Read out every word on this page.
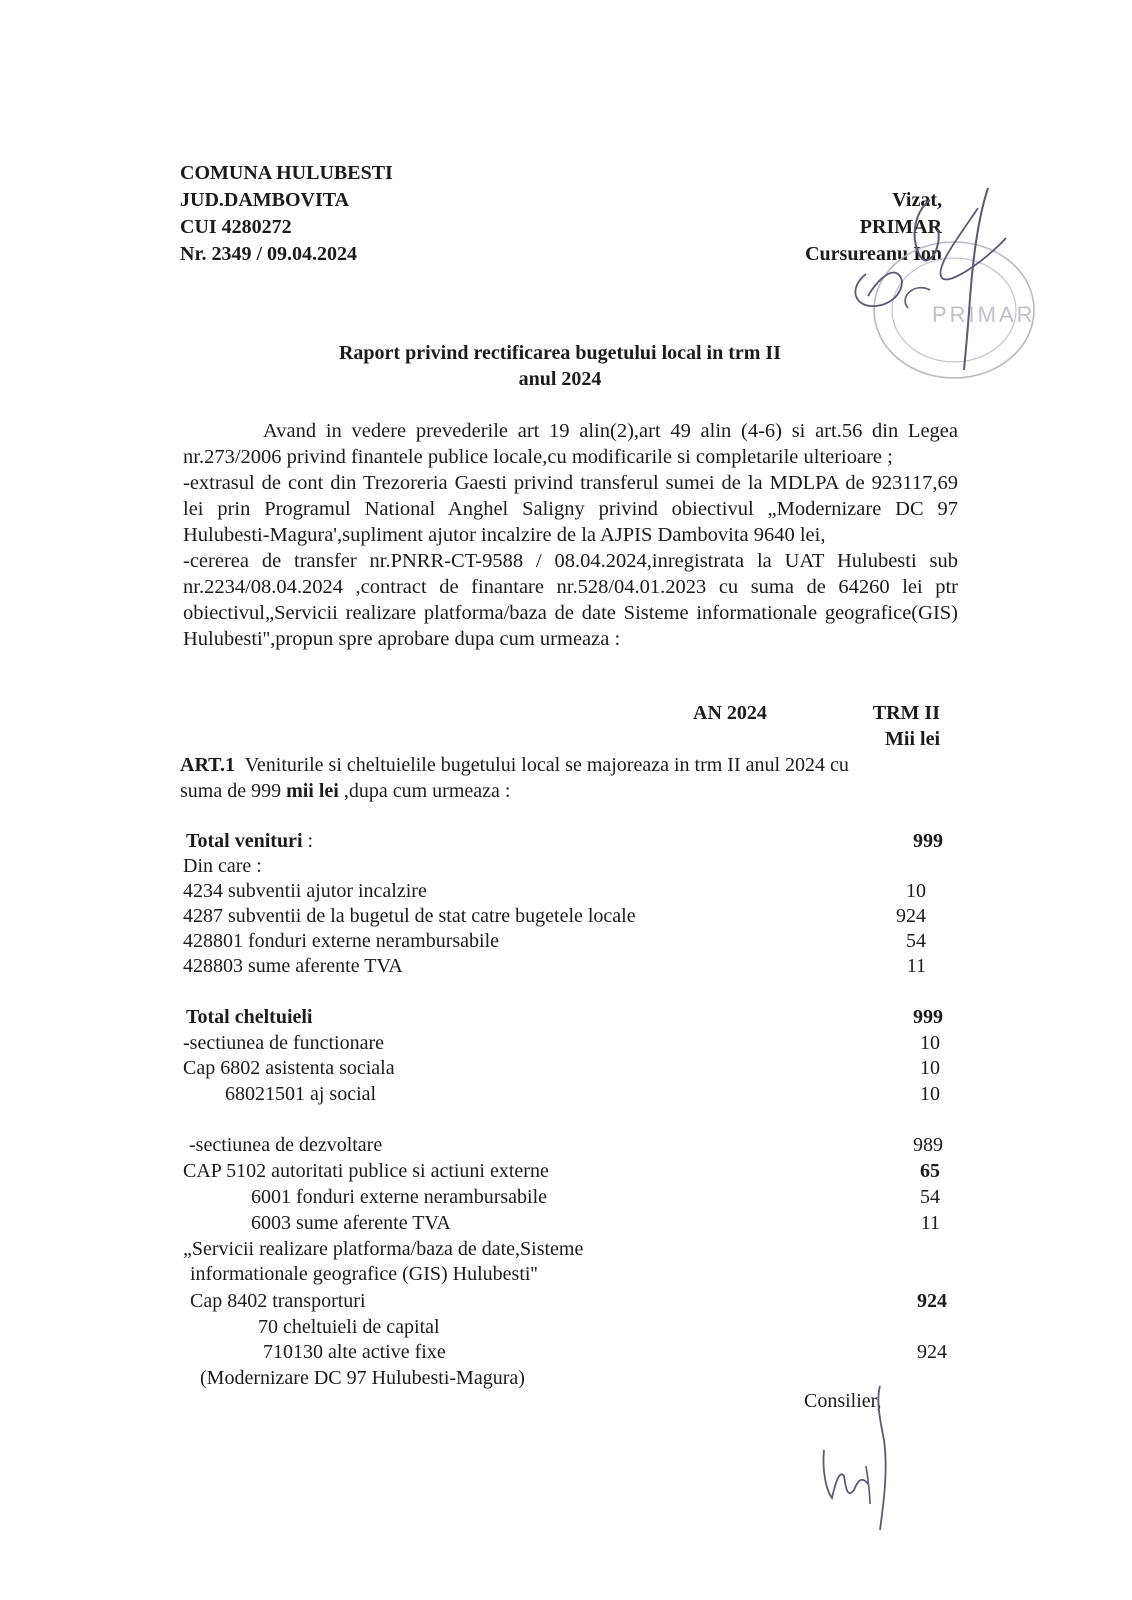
COMUNA HULUBESTI
JUD.DAMBOVITA
CUI 4280272
Nr. 2349 / 09.04.2024
Vizat,
PRIMAR
Cursureanu Ion
PRIMAR
Raport privind rectificarea bugetului local in trm II
anul 2024

Avand in vedere prevederile art 19 alin(2),art 49 alin (4-6) si art.56 din Legea nr.273/2006 privind finantele publice locale,cu modificarile si completarile ulterioare ;

-extrasul de cont din Trezoreria Gaesti privind transferul sumei de la MDLPA de 923117,69 lei prin Programul National Anghel Saligny privind obiectivul „Modernizare DC 97 Hulubesti-Magura',supliment ajutor incalzire de la AJPIS Dambovita 9640 lei,

-cererea de transfer nr.PNRR-CT-9588 / 08.04.2024,inregistrata la UAT Hulubesti sub nr.2234/08.04.2024 ,contract de finantare nr.528/04.01.2023 cu suma de 64260 lei ptr obiectivul„Servicii realizare platforma/baza de date Sisteme informationale geografice(GIS) Hulubesti'',propun spre aprobare dupa cum urmeaza :

AN 2024	TRM II
Mii lei
ART.1 Veniturile si cheltuielile bugetului local se majoreaza in trm II anul 2024 cu
suma de 999 mii lei ,dupa cum urmeaza :
Total venituri :	999
Din care :
4234 subventii ajutor incalzire	10
4287 subventii de la bugetul de stat catre bugetele locale	924
428801 fonduri externe nerambursabile	54
428803 sume aferente TVA	11
Total cheltuieli	999
-sectiunea de functionare	10
Cap 6802 asistenta sociala	10
68021501 aj social	10
-sectiunea de dezvoltare	989
CAP 5102 autoritati publice si actiuni externe	65
6001 fonduri externe nerambursabile	54
6003 sume aferente TVA	11
„Servicii realizare platforma/baza de date,Sisteme
informationale geografice (GIS) Hulubesti''
Cap 8402 transporturi	924
70 cheltuieli de capital
710130 alte active fixe	924
(Modernizare DC 97 Hulubesti-Magura)
Consilier,
